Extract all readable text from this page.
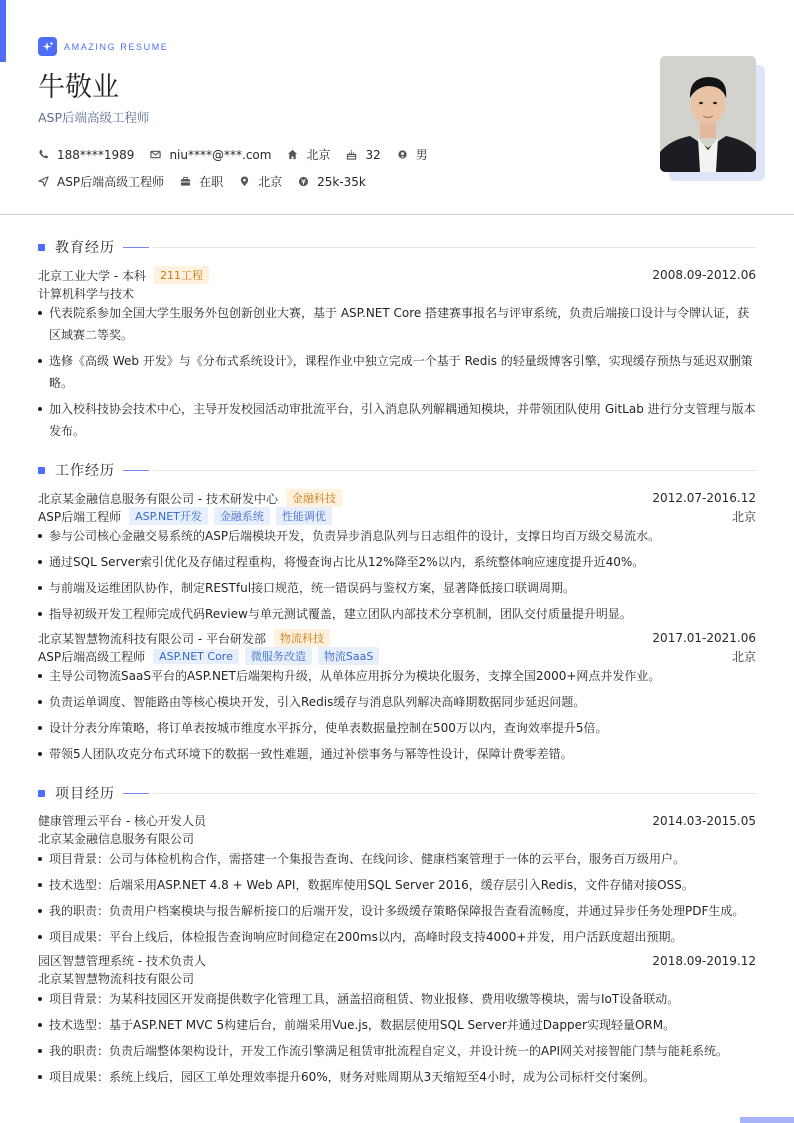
AMAZING RESUME
牛敬业
ASP后端高级工程师
188****1989	niu****@***.com	北京	32	男
ASP后端高级工程师	在职	北京	25k-35k
教育经历
北京工业大学 - 本科	211工程	2008.09-2012.06
计算机科学与技术
代表院系参加全国大学生服务外包创新创业大赛，基于 ASP.NET Core 搭建赛事报名与评审系统，负责后端接口设计与令牌认证，获区域赛二等奖。
选修《高级 Web 开发》与《分布式系统设计》，课程作业中独立完成一个基于 Redis 的轻量级博客引擎，实现缓存预热与延迟双删策略。
加入校科技协会技术中心，主导开发校园活动审批流平台，引入消息队列解耦通知模块，并带领团队使用 GitLab 进行分支管理与版本发布。
工作经历
北京某金融信息服务有限公司 - 技术研发中心	金融科技	2012.07-2016.12
ASP后端工程师	ASP.NET开发	金融系统	性能调优	北京
参与公司核心金融交易系统的ASP后端模块开发，负责异步消息队列与日志组件的设计，支撑日均百万级交易流水。
通过SQL Server索引优化及存储过程重构，将慢查询占比从12%降至2%以内，系统整体响应速度提升近40%。
与前端及运维团队协作，制定RESTful接口规范，统一错误码与鉴权方案，显著降低接口联调周期。
指导初级开发工程师完成代码Review与单元测试覆盖，建立团队内部技术分享机制，团队交付质量提升明显。
北京某智慧物流科技有限公司 - 平台研发部	物流科技	2017.01-2021.06
ASP后端高级工程师	ASP.NET Core	微服务改造	物流SaaS	北京
主导公司物流SaaS平台的ASP.NET后端架构升级，从单体应用拆分为模块化服务，支撑全国2000+网点并发作业。
负责运单调度、智能路由等核心模块开发，引入Redis缓存与消息队列解决高峰期数据同步延迟问题。
设计分表分库策略，将订单表按城市维度水平拆分，使单表数据量控制在500万以内，查询效率提升5倍。
带领5人团队攻克分布式环境下的数据一致性难题，通过补偿事务与幂等性设计，保障计费零差错。
项目经历
健康管理云平台 - 核心开发人员	2014.03-2015.05
北京某金融信息服务有限公司
项目背景：公司与体检机构合作，需搭建一个集报告查询、在线问诊、健康档案管理于一体的云平台，服务百万级用户。
技术选型：后端采用ASP.NET 4.8 + Web API，数据库使用SQL Server 2016，缓存层引入Redis，文件存储对接OSS。
我的职责：负责用户档案模块与报告解析接口的后端开发，设计多级缓存策略保障报告查看流畅度，并通过异步任务处理PDF生成。
项目成果：平台上线后，体检报告查询响应时间稳定在200ms以内，高峰时段支持4000+并发，用户活跃度超出预期。
园区智慧管理系统 - 技术负责人	2018.09-2019.12
北京某智慧物流科技有限公司
项目背景：为某科技园区开发商提供数字化管理工具，涵盖招商租赁、物业报修、费用收缴等模块，需与IoT设备联动。
技术选型：基于ASP.NET MVC 5构建后台，前端采用Vue.js，数据层使用SQL Server并通过Dapper实现轻量ORM。
我的职责：负责后端整体架构设计，开发工作流引擎满足租赁审批流程自定义，并设计统一的API网关对接智能门禁与能耗系统。
项目成果：系统上线后，园区工单处理效率提升60%，财务对账周期从3天缩短至4小时，成为公司标杆交付案例。
